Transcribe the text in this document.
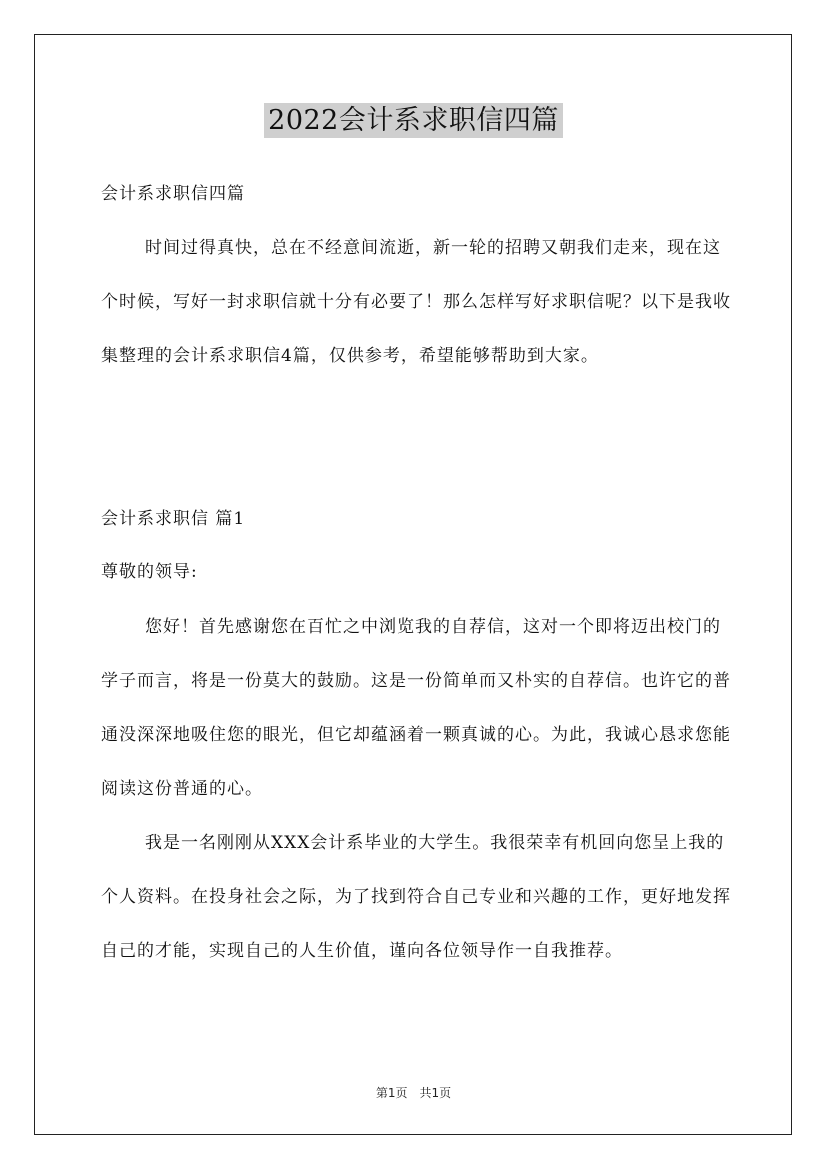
2022会计系求职信四篇

会计系求职信四篇

时间过得真快，总在不经意间流逝，新一轮的招聘又朝我们走来，现在这个时候，写好一封求职信就十分有必要了！那么怎样写好求职信呢？以下是我收集整理的会计系求职信4篇，仅供参考，希望能够帮助到大家。

会计系求职信 篇1

尊敬的领导:

您好！首先感谢您在百忙之中浏览我的自荐信，这对一个即将迈出校门的学子而言，将是一份莫大的鼓励。这是一份简单而又朴实的自荐信。也许它的普通没深深地吸住您的眼光，但它却蕴涵着一颗真诚的心。为此，我诚心恳求您能阅读这份普通的心。

我是一名刚刚从XXX会计系毕业的大学生。我很荣幸有机回向您呈上我的个人资料。在投身社会之际，为了找到符合自己专业和兴趣的工作，更好地发挥自己的才能，实现自己的人生价值，谨向各位领导作一自我推荐。

第1页　共1页
